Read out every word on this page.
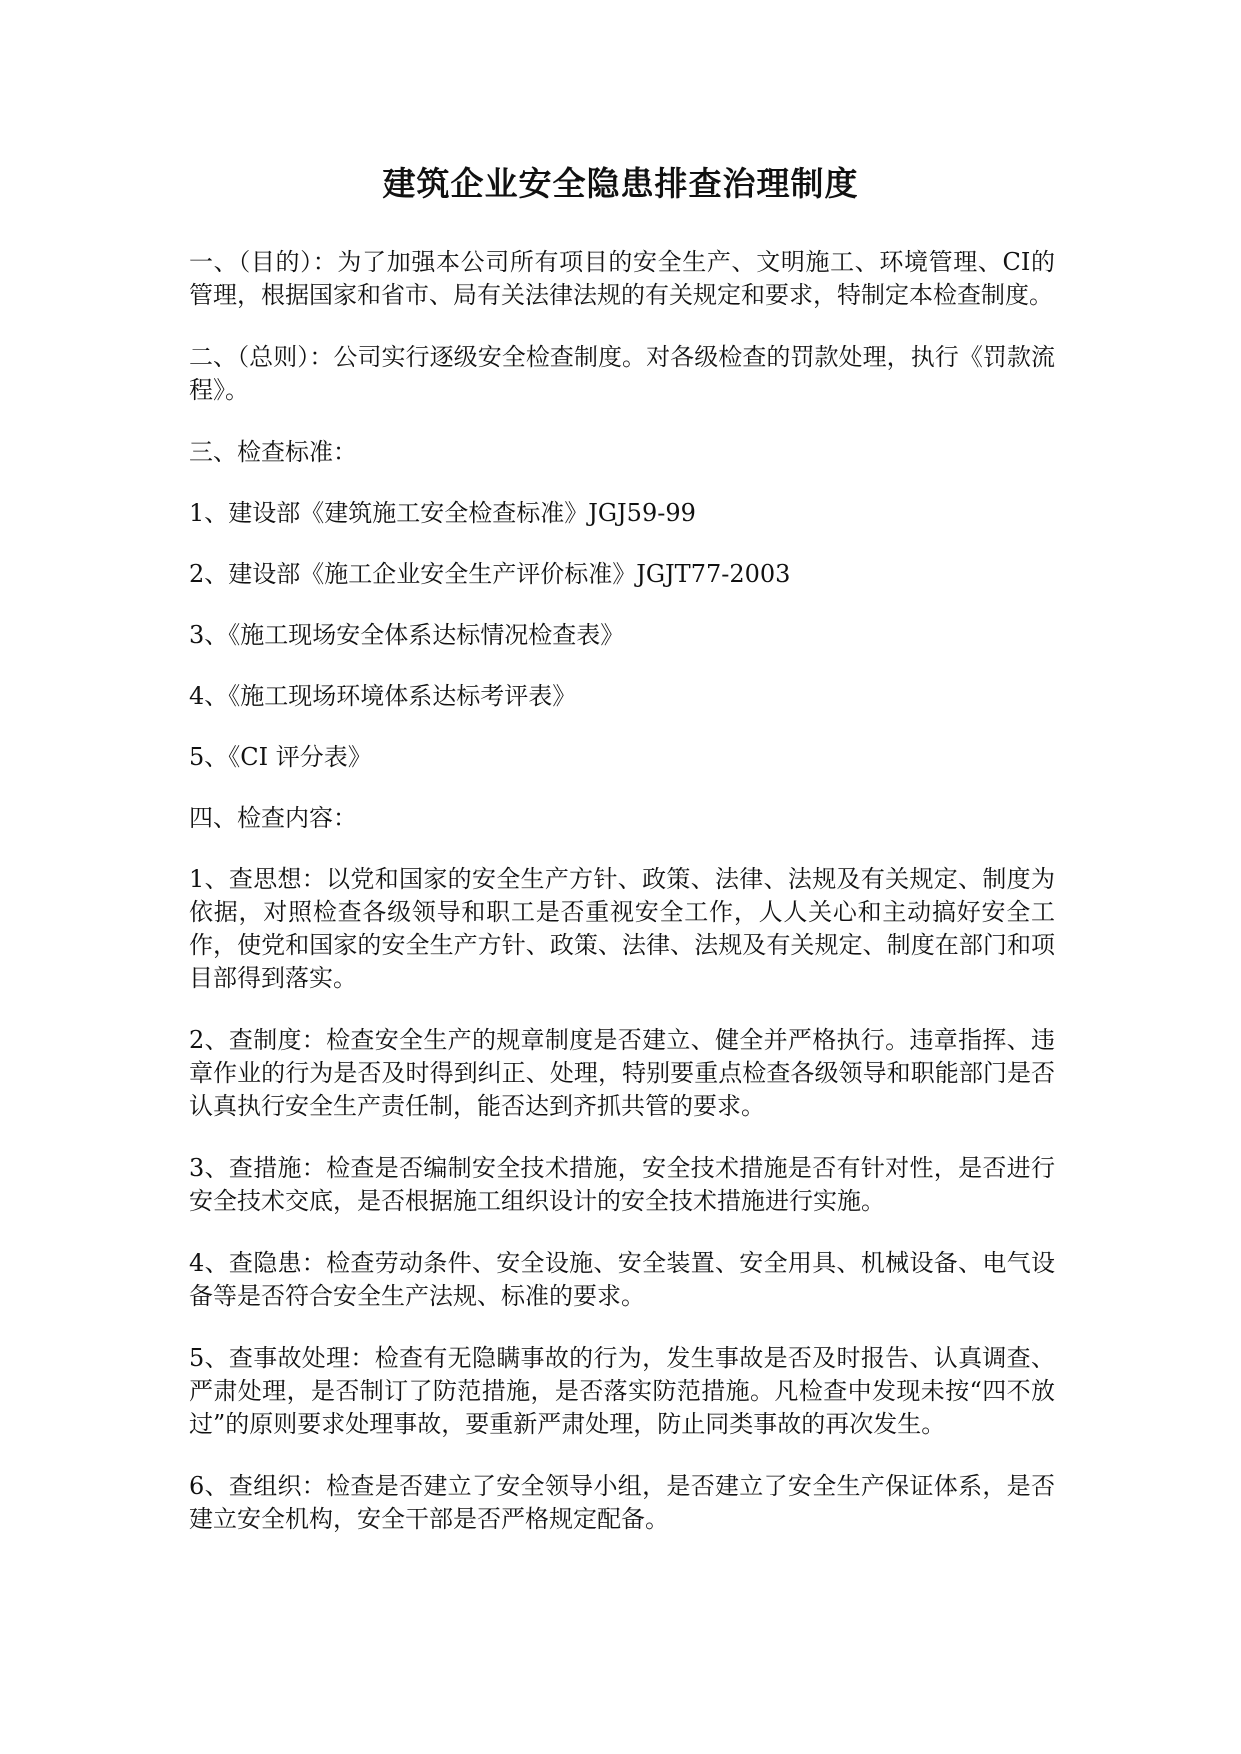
建筑企业安全隐患排查治理制度

一、（目的）：为了加强本公司所有项目的安全生产、文明施工、环境管理、CI的管理，根据国家和省市、局有关法律法规的有关规定和要求，特制定本检查制度。

二、（总则）：公司实行逐级安全检查制度。对各级检查的罚款处理，执行《罚款流程》。

三、检查标准：

1、建设部《建筑施工安全检查标准》JGJ59-99

2、建设部《施工企业安全生产评价标准》JGJT77-2003

3、《施工现场安全体系达标情况检查表》

4、《施工现场环境体系达标考评表》

5、《CI 评分表》

四、检查内容：

1、查思想：以党和国家的安全生产方针、政策、法律、法规及有关规定、制度为依据，对照检查各级领导和职工是否重视安全工作，人人关心和主动搞好安全工作，使党和国家的安全生产方针、政策、法律、法规及有关规定、制度在部门和项目部得到落实。

2、查制度：检查安全生产的规章制度是否建立、健全并严格执行。违章指挥、违章作业的行为是否及时得到纠正、处理，特别要重点检查各级领导和职能部门是否认真执行安全生产责任制，能否达到齐抓共管的要求。

3、查措施：检查是否编制安全技术措施，安全技术措施是否有针对性，是否进行安全技术交底，是否根据施工组织设计的安全技术措施进行实施。

4、查隐患：检查劳动条件、安全设施、安全装置、安全用具、机械设备、电气设备等是否符合安全生产法规、标准的要求。

5、查事故处理：检查有无隐瞒事故的行为，发生事故是否及时报告、认真调查、严肃处理，是否制订了防范措施，是否落实防范措施。凡检查中发现未按“四不放过”的原则要求处理事故，要重新严肃处理，防止同类事故的再次发生。

6、查组织：检查是否建立了安全领导小组，是否建立了安全生产保证体系，是否建立安全机构，安全干部是否严格规定配备。
